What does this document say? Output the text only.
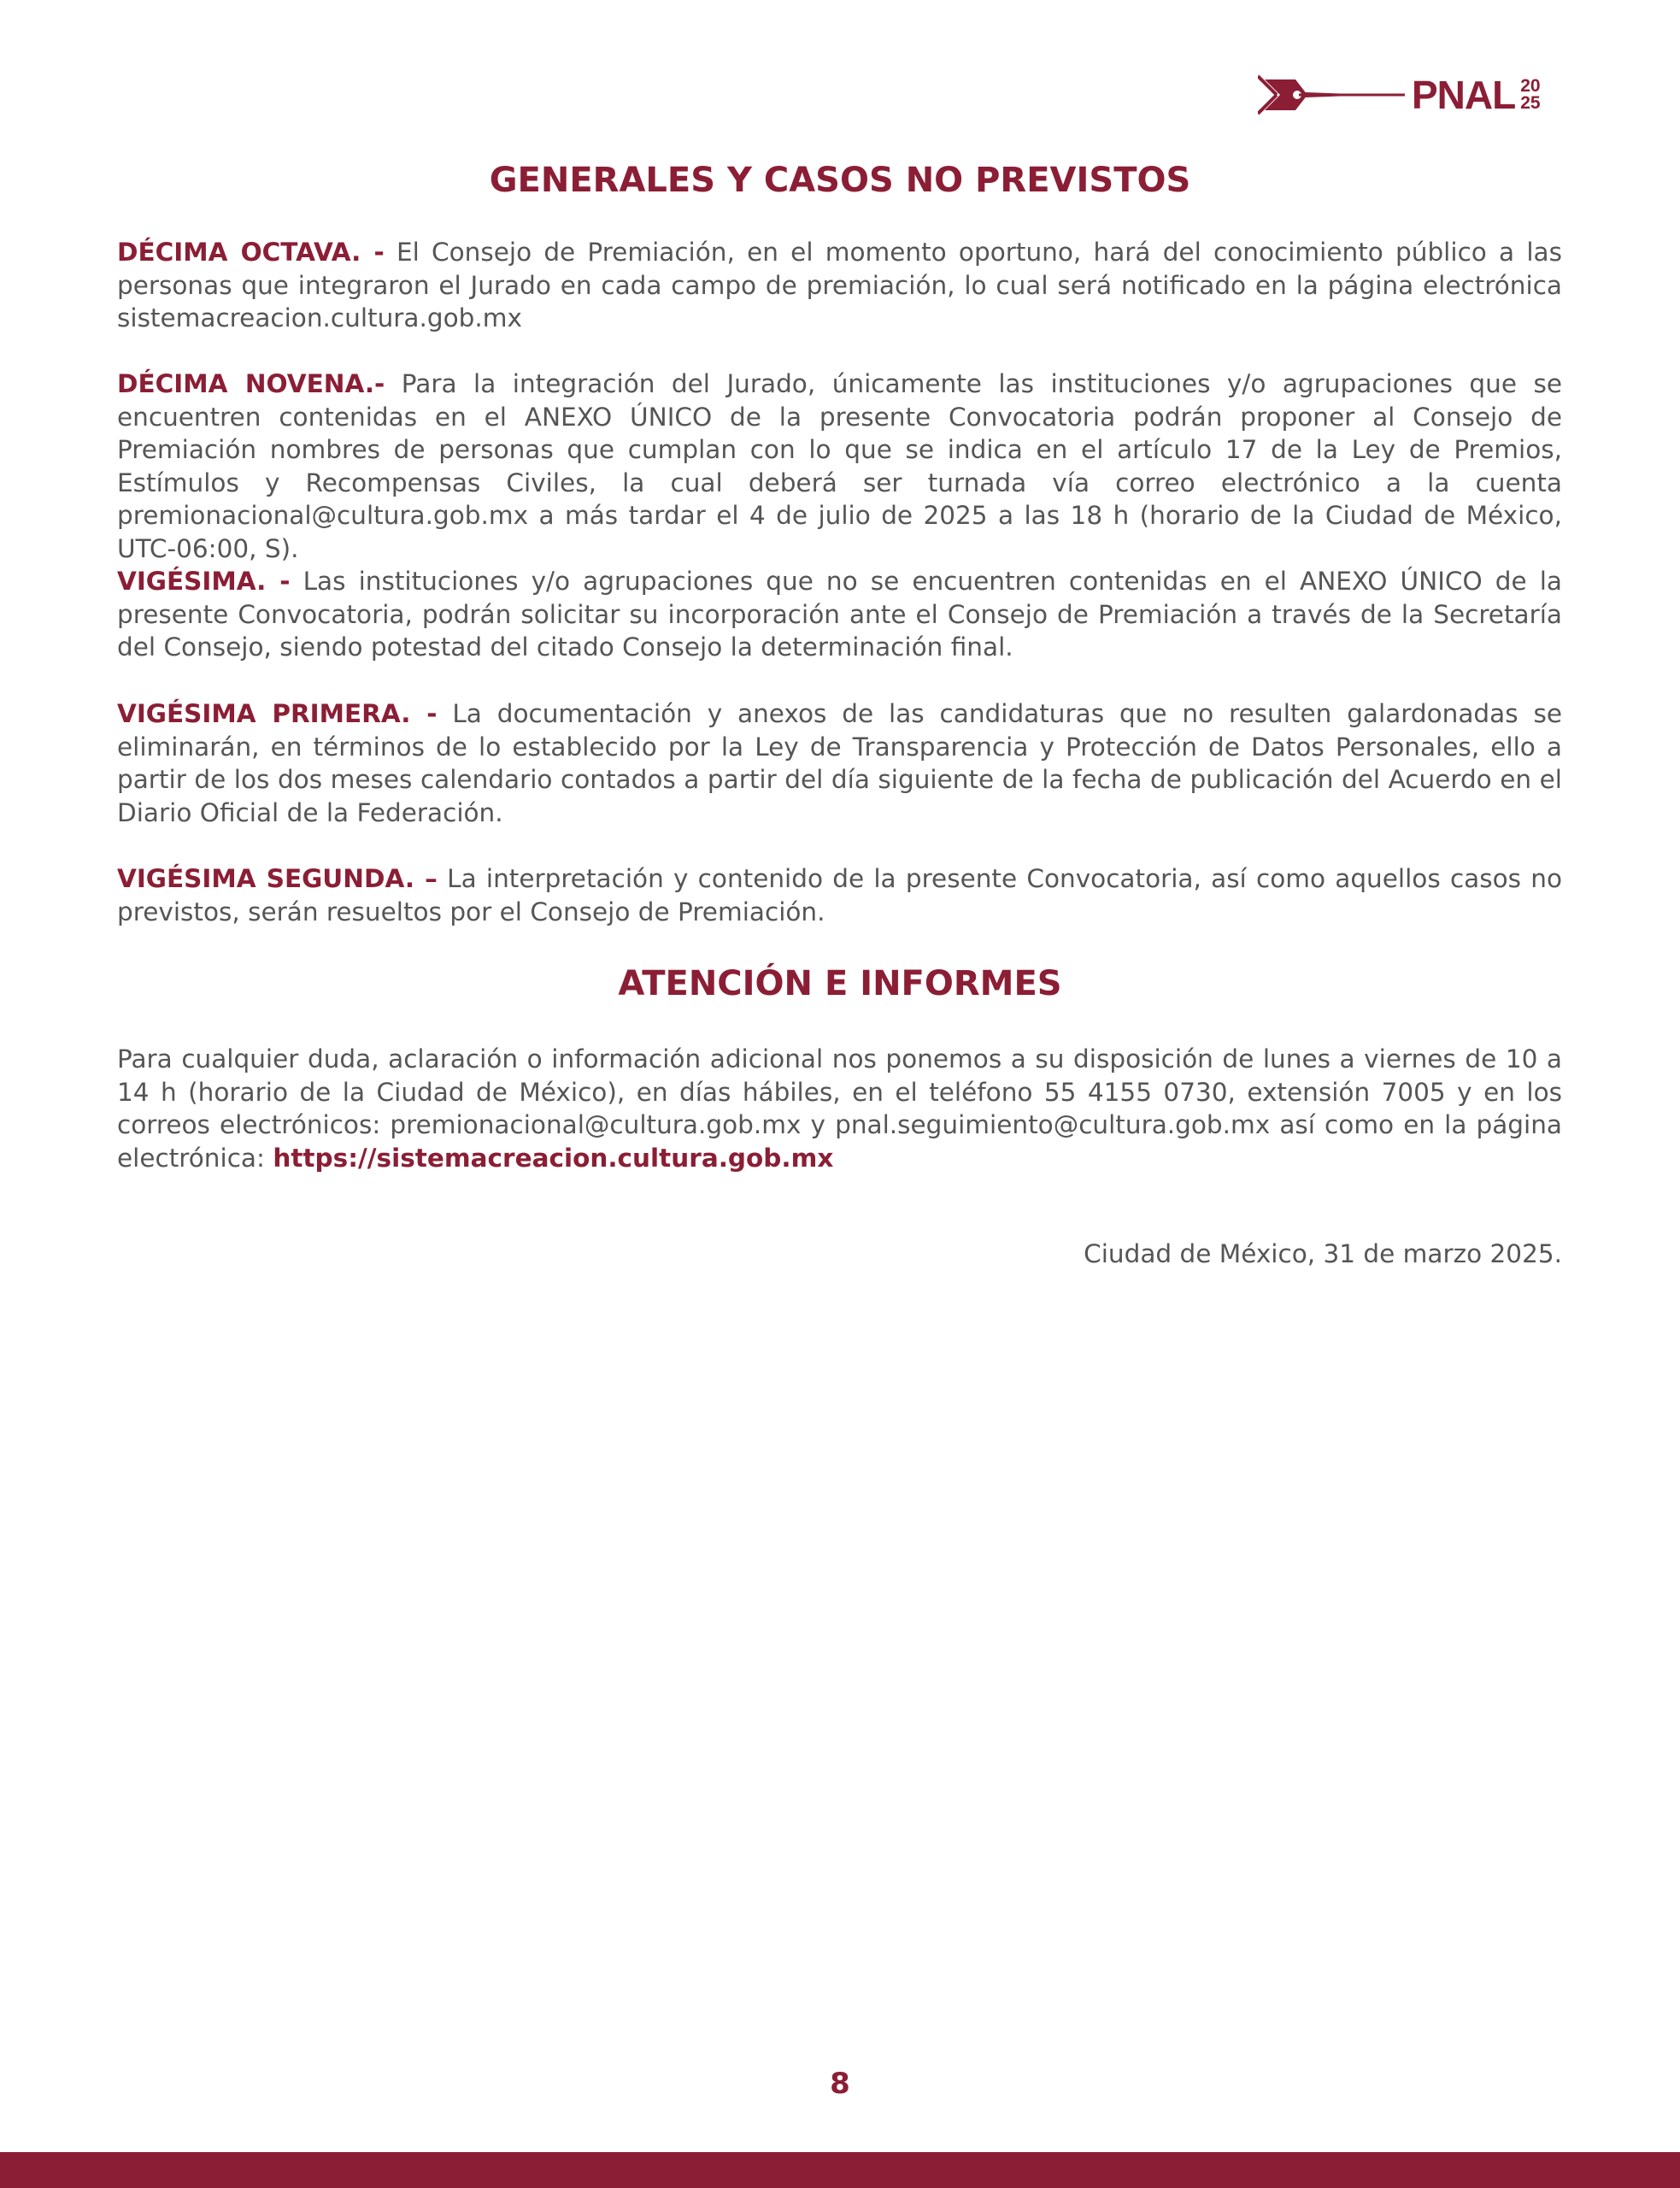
PNAL 20
25
GENERALES Y CASOS NO PREVISTOS

DÉCIMA OCTAVA. - El Consejo de Premiación, en el momento oportuno, hará del conocimiento público a las personas que integraron el Jurado en cada campo de premiación, lo cual será notificado en la página electrónica sistemacreacion.cultura.gob.mx

DÉCIMA NOVENA.- Para la integración del Jurado, únicamente las instituciones y/o agrupaciones que se encuentren contenidas en el ANEXO ÚNICO de la presente Convocatoria podrán proponer al Consejo de Premiación nombres de personas que cumplan con lo que se indica en el artículo 17 de la Ley de Premios, Estímulos y Recompensas Civiles, la cual deberá ser turnada vía correo electrónico a la cuenta premionacional@cultura.gob.mx a más tardar el 4 de julio de 2025 a las 18 h (horario de la Ciudad de México, UTC-06:00, S).

VIGÉSIMA. - Las instituciones y/o agrupaciones que no se encuentren contenidas en el ANEXO ÚNICO de la presente Convocatoria, podrán solicitar su incorporación ante el Consejo de Premiación a través de la Secretaría del Consejo, siendo potestad del citado Consejo la determinación final.

VIGÉSIMA PRIMERA. - La documentación y anexos de las candidaturas que no resulten galardonadas se eliminarán, en términos de lo establecido por la Ley de Transparencia y Protección de Datos Personales, ello a partir de los dos meses calendario contados a partir del día siguiente de la fecha de publicación del Acuerdo en el Diario Oficial de la Federación.

VIGÉSIMA SEGUNDA. – La interpretación y contenido de la presente Convocatoria, así como aquellos casos no previstos, serán resueltos por el Consejo de Premiación.

ATENCIÓN E INFORMES

Para cualquier duda, aclaración o información adicional nos ponemos a su disposición de lunes a viernes de 10 a 14 h (horario de la Ciudad de México), en días hábiles, en el teléfono 55 4155 0730, extensión 7005 y en los correos electrónicos: premionacional@cultura.gob.mx y pnal.seguimiento@cultura.gob.mx así como en la página electrónica: https://sistemacreacion.cultura.gob.mx

Ciudad de México, 31 de marzo 2025.
8
